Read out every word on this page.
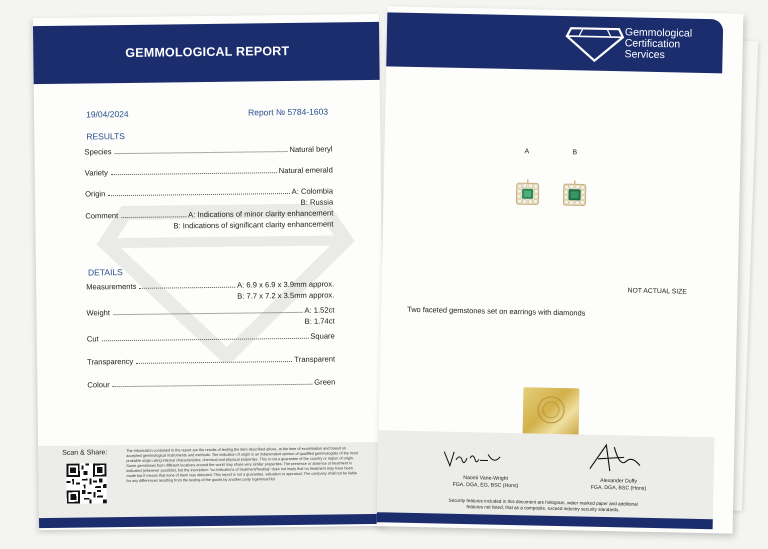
GEMMOLOGICAL REPORT
19/04/2024	Report № 5784-1603
RESULTS
Species	Natural beryl
Variety	Natural emerald
Origin	A: Colombia
B: Russia
Comment	A: Indications of minor clarity enhancement
B: Indications of significant clarity enhancement
DETAILS
Measurements	A: 6.9 x 6.9 x 3.9mm approx.
B: 7.7 x 7.2 x 3.5mm approx.
Weight	A: 1.52ct
B: 1.74ct
Cut	Square
Transparency	Transparent
Colour	Green
Scan & Share:	The information contained in the report are the results of testing the item described above, at the time of examination and based on accepted gemmological instruments and methods. The indication of origin is an independent opinion of qualified gemmologists of the most probable origin using internal characteristics, chemical and physical properties. This is not a guarantee of the country or region of origin. Some gemstones from different locations around the world may share very similar properties. The presence or absence of treatment is indicated (wherever possible), but the inscription: "no indications of treatment/heating" does not imply that no treatment may have been made but it means that none of them was detected. This report is not a guarantee, valuation or appraisal. The company shall not be liable for any differences resulting from the testing of the goods by another party ©gemroad ltd
Gemmological
Certification
Services
A	B
NOT ACTUAL SIZE
Two faceted gemstones set on earrings with diamonds
Naomi Vane-Wright
FGA, DGA, EG, BSC (Hons)
Alexander Duffy
FGA, DGA, BSC (Hons)
Security features included in this document are hologram, water marked paper and additional features not listed, that as a composite, exceed industry security standards.
